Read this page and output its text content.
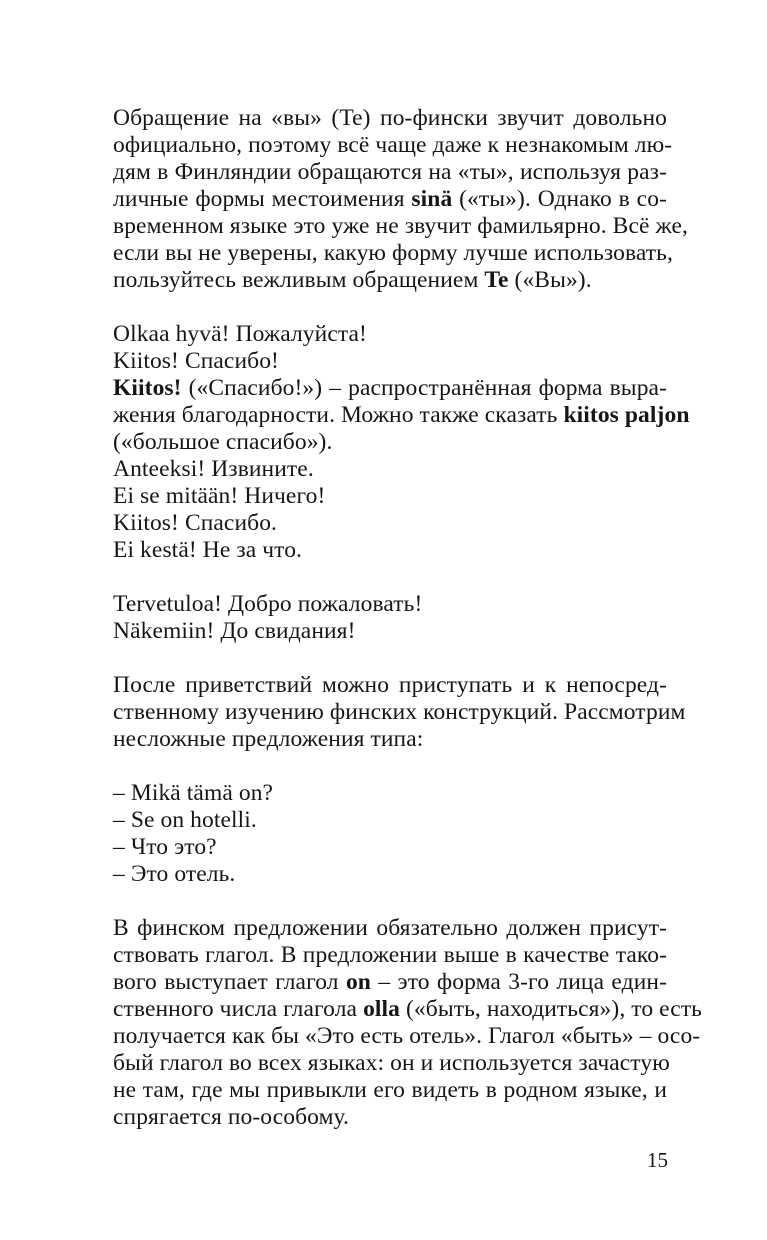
Обращение на «вы» (Te) по-фински звучит довольно
официально, поэтому всё чаще даже к незнакомым лю-
дям в Финляндии обращаются на «ты», используя раз-
личные формы местоимения sinä («ты»). Однако в со-
временном языке это уже не звучит фамильярно. Всё же,
если вы не уверены, какую форму лучше использовать,
пользуйтесь вежливым обращением Te («Вы»).
Olkaa hyvä! Пожалуйста!
Kiitos! Спасибо!
Kiitos! («Спасибо!») – распространённая форма выра-
жения благодарности. Можно также сказать kiitos paljon
(«большое спасибо»).
Anteeksi! Извините.
Ei se mitään! Ничего!
Kiitos! Спасибо.
Ei kestä! Не за что.
Tervetuloa! Добро пожаловать!
Näkemiin! До свидания!
После приветствий можно приступать и к непосред-
ственному изучению финских конструкций. Рассмотрим
несложные предложения типа:
– Mikä tämä on?
– Se on hotelli.
– Что это?
– Это отель.
В финском предложении обязательно должен присут-
ствовать глагол. В предложении выше в качестве тако-
вого выступает глагол on – это форма 3-го лица един-
ственного числа глагола olla («быть, находиться»), то есть
получается как бы «Это есть отель». Глагол «быть» – осо-
бый глагол во всех языках: он и используется зачастую
не там, где мы привыкли его видеть в родном языке, и
спрягается по-особому.
15
